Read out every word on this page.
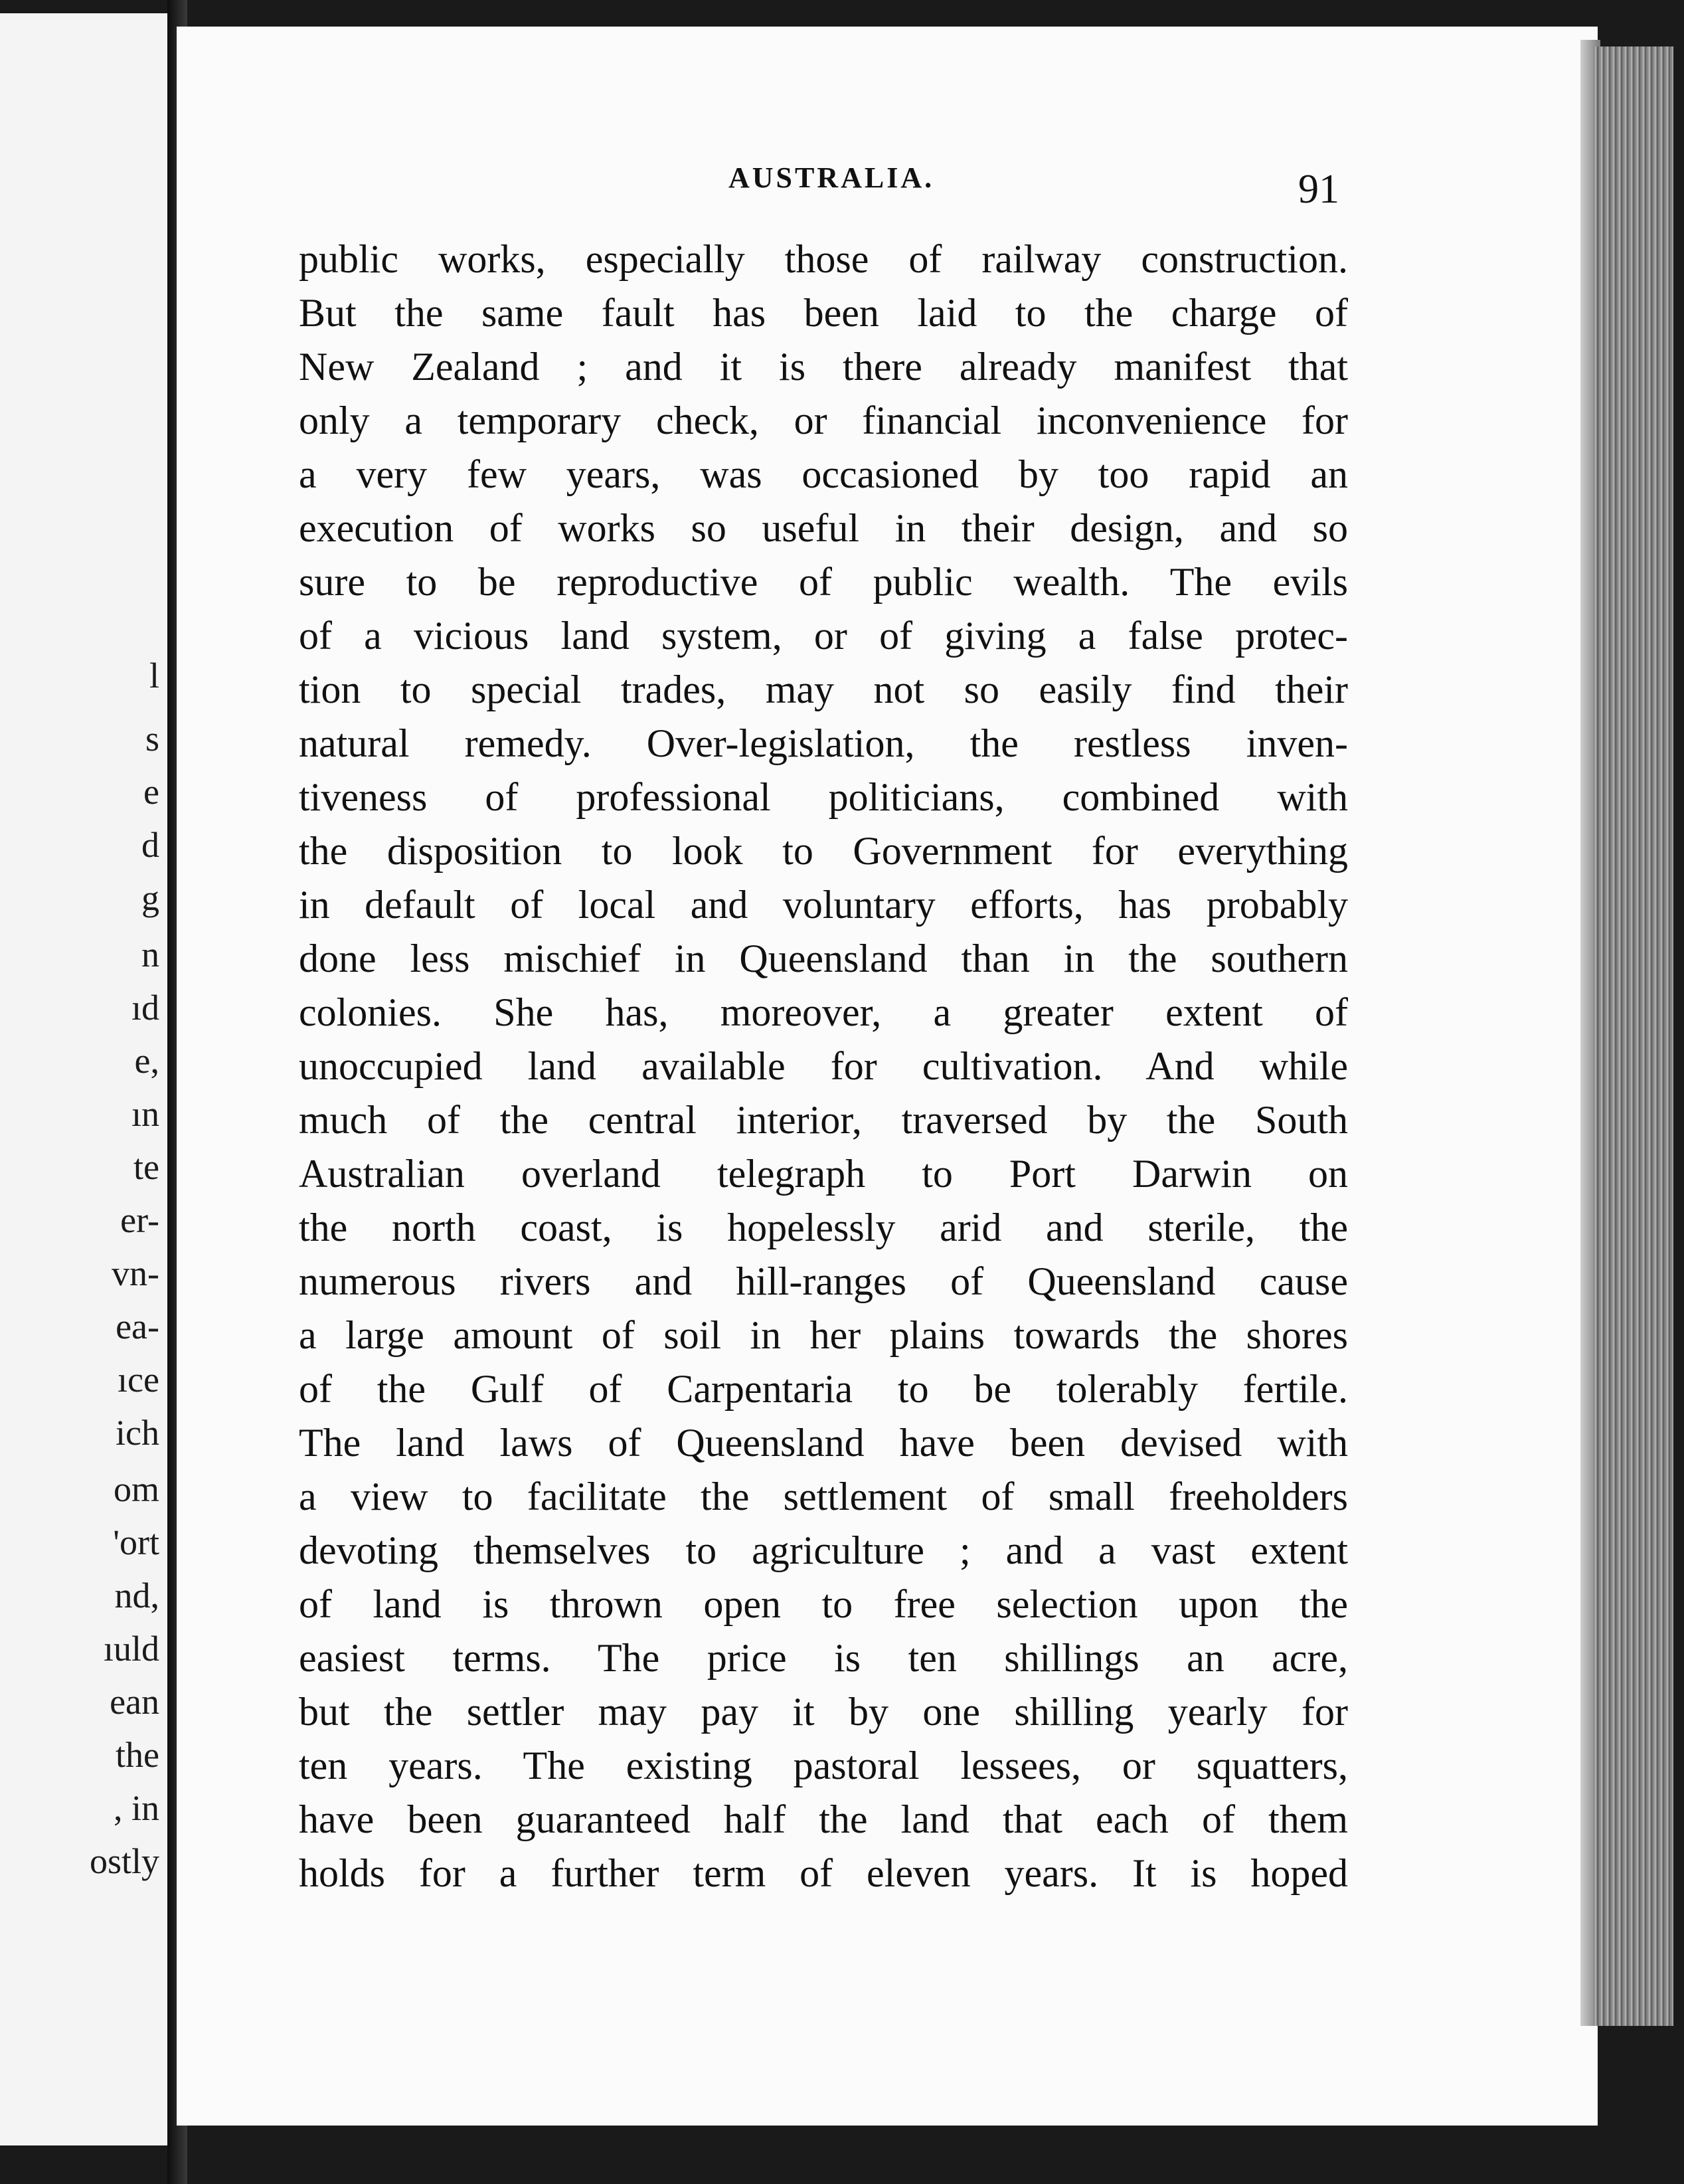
l
s
e
d
g
n
ıd
e,
ın
te
er-
vn-
ea-
ıce
ich
om
'ort
nd,
ıuld
ean
the
, in
ostly
AUSTRALIA.	91
public works, especially those of railway construction.
But the same fault has been laid to the charge of
New Zealand ; and it is there already manifest that
only a temporary check, or financial inconvenience for
a very few years, was occasioned by too rapid an
execution of works so useful in their design, and so
sure to be reproductive of public wealth. The evils
of a vicious land system, or of giving a false protec-
tion to special trades, may not so easily find their
natural remedy. Over-legislation, the restless inven-
tiveness of professional politicians, combined with
the disposition to look to Government for everything
in default of local and voluntary efforts, has probably
done less mischief in Queensland than in the southern
colonies. She has, moreover, a greater extent of
unoccupied land available for cultivation. And while
much of the central interior, traversed by the South
Australian overland telegraph to Port Darwin on
the north coast, is hopelessly arid and sterile, the
numerous rivers and hill-ranges of Queensland cause
a large amount of soil in her plains towards the shores
of the Gulf of Carpentaria to be tolerably fertile.
The land laws of Queensland have been devised with
a view to facilitate the settlement of small freeholders
devoting themselves to agriculture ; and a vast extent
of land is thrown open to free selection upon the
easiest terms. The price is ten shillings an acre,
but the settler may pay it by one shilling yearly for
ten years. The existing pastoral lessees, or squatters,
have been guaranteed half the land that each of them
holds for a further term of eleven years. It is hoped
